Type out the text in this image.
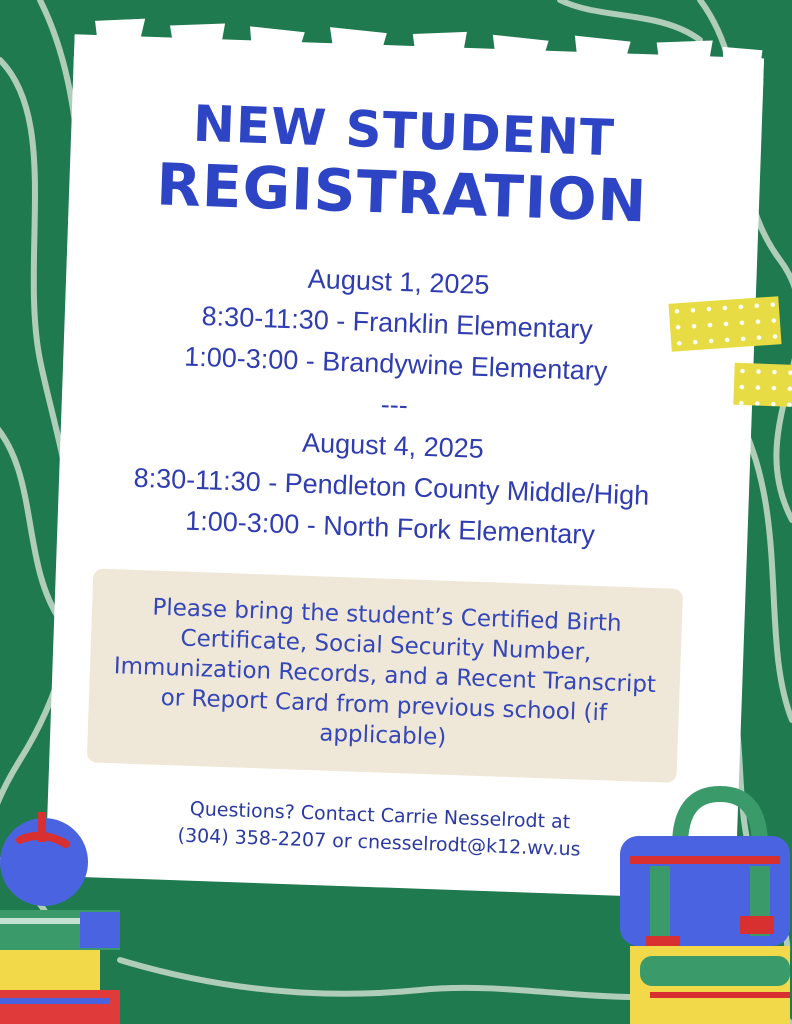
NEW STUDENT
REGISTRATION
August 1, 2025
8:30-11:30 - Franklin Elementary
1:00-3:00 - Brandywine Elementary
---
August 4, 2025
8:30-11:30 - Pendleton County Middle/High
1:00-3:00 - North Fork Elementary
Please bring the student’s Certified Birth Certificate, Social Security Number, Immunization Records, and a Recent Transcript or Report Card from previous school (if applicable)
Questions? Contact Carrie Nesselrodt at
(304) 358-2207 or cnesselrodt@k12.wv.us
